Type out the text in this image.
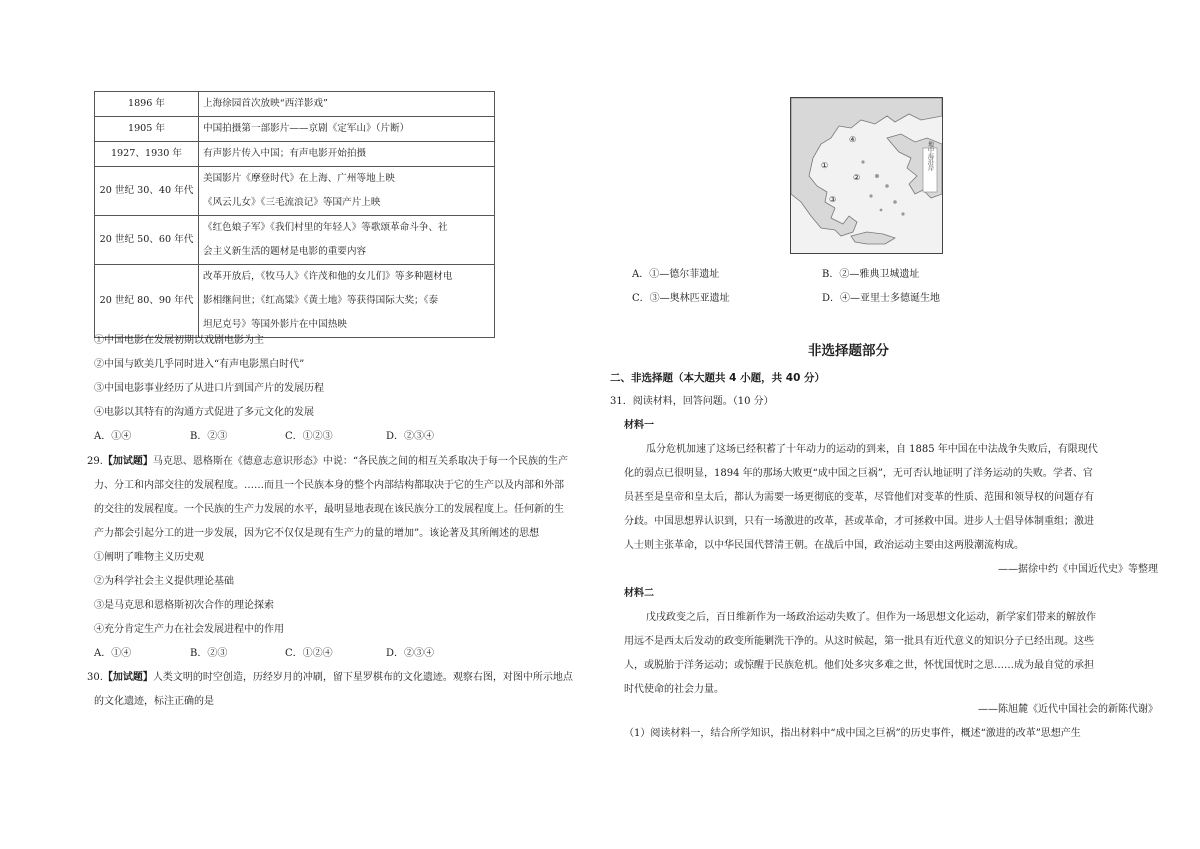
1896 年	上海徐园首次放映“西洋影戏”

1905 年	中国拍摄第一部影片——京剧《定军山》（片断）

1927、1930 年	有声影片传入中国；有声电影开始拍摄

20 世纪 30、40 年代	美国影片《摩登时代》在上海、广州等地上映
《风云儿女》《三毛流浪记》等国产片上映

20 世纪 50、60 年代	《红色娘子军》《我们村里的年轻人》等歌颂革命斗争、社
会主义新生活的题材是电影的重要内容

20 世纪 80、90 年代	改革开放后，《牧马人》《许茂和他的女儿们》等多种题材电
影相继问世；《红高粱》《黄土地》等获得国际大奖；《泰
坦尼克号》等国外影片在中国热映
①中国电影在发展初期以戏剧电影为主
②中国与欧美几乎同时进入“有声电影黑白时代”
③中国电影事业经历了从进口片到国产片的发展历程
④电影以其特有的沟通方式促进了多元文化的发展
A．①④	B．②③	C．①②③	D．②③④
29.【加试题】马克思、恩格斯在《德意志意识形态》中说：“各民族之间的相互关系取决于每一个民族的生产
力、分工和内部交往的发展程度。……而且一个民族本身的整个内部结构都取决于它的生产以及内部和外部
的交往的发展程度。一个民族的生产力发展的水平，最明显地表现在该民族分工的发展程度上。任何新的生
产力都会引起分工的进一步发展，因为它不仅仅是现有生产力的量的增加”。该论著及其所阐述的思想
①阐明了唯物主义历史观
②为科学社会主义提供理论基础
③是马克思和恩格斯初次合作的理论探索
④充分肯定生产力在社会发展进程中的作用
A．①④	B．②③	C．①②④	D．②③④
30.【加试题】人类文明的时空创造，历经岁月的冲刷，留下星罗棋布的文化遗迹。观察右图，对图中所示地点
的文化遗迹，标注正确的是
地中海沿岸
①
②
③
④
A．①—德尔菲遗址	B．②—雅典卫城遗址
C．③—奥林匹亚遗址	D．④—亚里士多德诞生地
非选择题部分
二、非选择题（本大题共 4 小题，共 40 分）
31．阅读材料，回答问题。（10 分）
材料一
瓜分危机加速了这场已经积蓄了十年动力的运动的到来，自 1885 年中国在中法战争失败后，有限现代
化的弱点已很明显，1894 年的那场大败更“成中国之巨祸”，无可否认地证明了洋务运动的失败。学者、官
员甚至是皇帝和皇太后，都认为需要一场更彻底的变革，尽管他们对变革的性质、范围和领导权的问题存有
分歧。中国思想界认识到，只有一场激进的改革，甚或革命，才可拯救中国。进步人士倡导体制重组；激进
人士则主张革命，以中华民国代替清王朝。在战后中国，政治运动主要由这两股潮流构成。
——据徐中约《中国近代史》等整理
材料二
戊戌政变之后，百日维新作为一场政治运动失败了。但作为一场思想文化运动，新学家们带来的解放作
用远不是西太后发动的政变所能剿洗干净的。从这时候起，第一批具有近代意义的知识分子已经出现。这些
人，或脱胎于洋务运动；或惊醒于民族危机。他们处多灾多难之世，怀忧国忧时之思……成为最自觉的承担
时代使命的社会力量。
——陈旭麓《近代中国社会的新陈代谢》
（1）阅读材料一，结合所学知识，指出材料中“成中国之巨祸”的历史事件，概述“激进的改革”思想产生
